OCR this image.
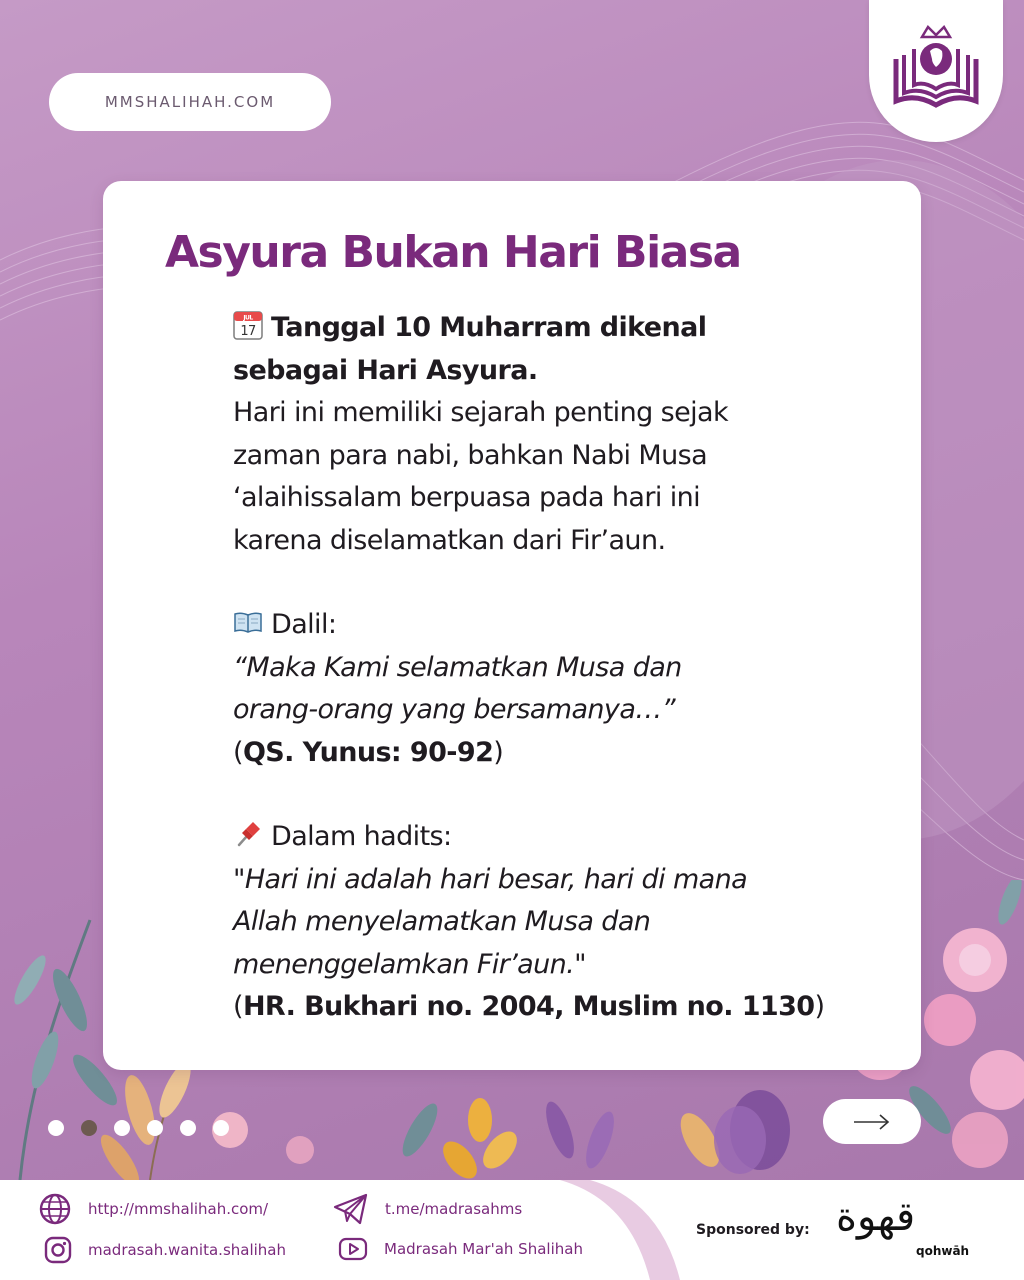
MMSHALIHAH.COM
Asyura Bukan Hari Biasa
JUL
17 Tanggal 10 Muharram dikenal
sebagai Hari Asyura.
Hari ini memiliki sejarah penting sejak
zaman para nabi, bahkan Nabi Musa
‘alaihissalam berpuasa pada hari ini
karena diselamatkan dari Fir’aun.
Dalil:
“Maka Kami selamatkan Musa dan
orang-orang yang bersamanya…”
(QS. Yunus: 90-92)
Dalam hadits:
"Hari ini adalah hari besar, hari di mana
Allah menyelamatkan Musa dan
menenggelamkan Fir’aun."
(HR. Bukhari no. 2004, Muslim no. 1130)
http://mmshalihah.com/
madrasah.wanita.shalihah
t.me/madrasahms
Madrasah Mar'ah Shalihah
Sponsored by: قهوة
qohwāh
